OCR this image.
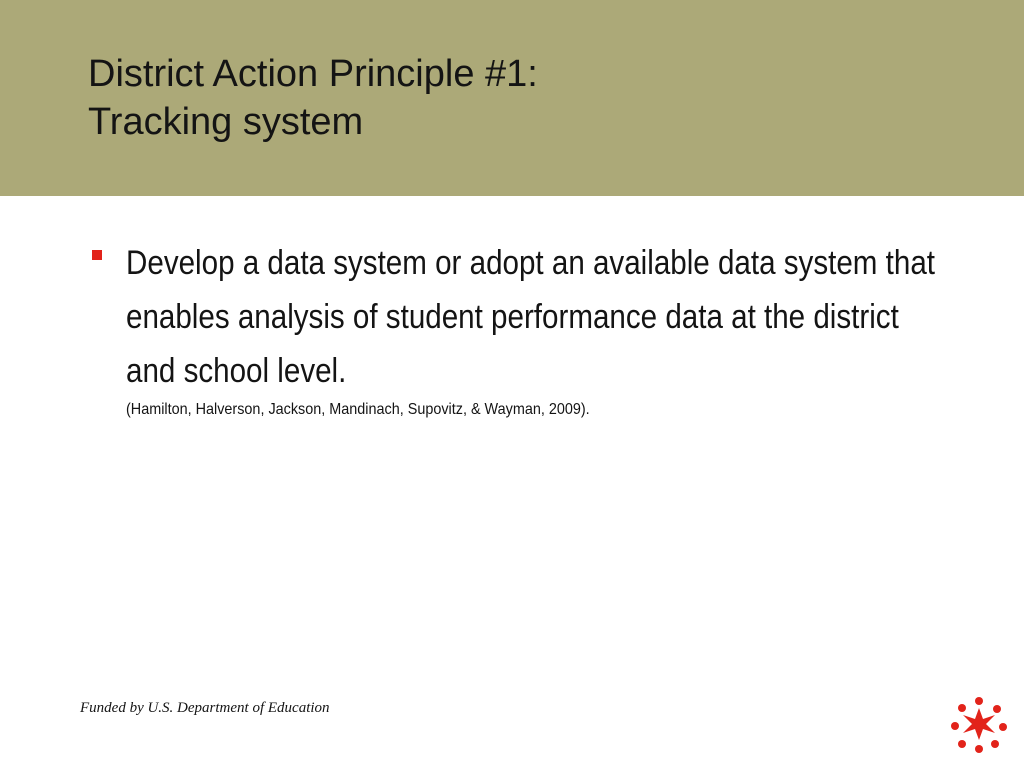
District Action Principle #1:
Tracking system
Develop a data system or adopt an available data system that enables analysis of student performance data at the district and school level.
(Hamilton, Halverson, Jackson, Mandinach, Supovitz, & Wayman, 2009).
Funded by U.S. Department of Education
